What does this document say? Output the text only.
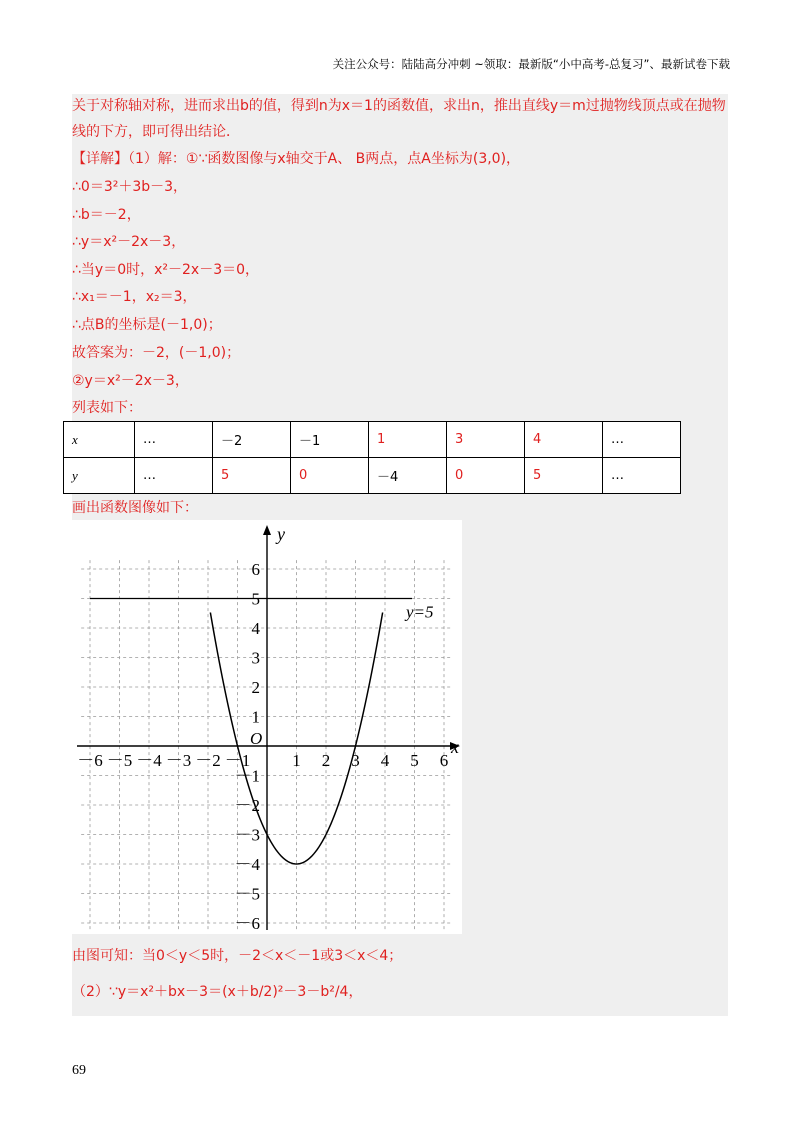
关注公众号：陆陆高分冲刺 ~领取：最新版“小中高考-总复习”、最新试卷下载
关于对称轴对称，进而求出b的值，得到n为x＝1的函数值，求出n，推出直线y＝m过抛物线顶点或在抛物
线的下方，即可得出结论．
【详解】（1）解：①∵函数图像与x轴交于A、 B两点，点A坐标为(3,0)，
∴0＝3²＋3b－3，
∴b＝－2，
∴y＝x²－2x－3，
∴当y＝0时，x²－2x－3＝0，
∴x₁＝－1，x₂＝3，
∴点B的坐标是(－1,0)；
故答案为：－2，(－1,0)；
②y＝x²－2x－3，
列表如下：
画出函数图像如下：
由图可知：当0＜y＜5时，－2＜x＜－1或3＜x＜4；
（2）∵y＝x²＋bx－3＝(x＋b/2)²－3－b²/4，
x	…	－2	－1	1	3	4	…
y	…	5	0	－4	0	5	…
y=5
－6 －5 －4 －3 －2 －1 1 2 3 4 5 6
6
5
4
3
2
1
－1
－2
－3
－4
－5
－6
O	x
y
69
